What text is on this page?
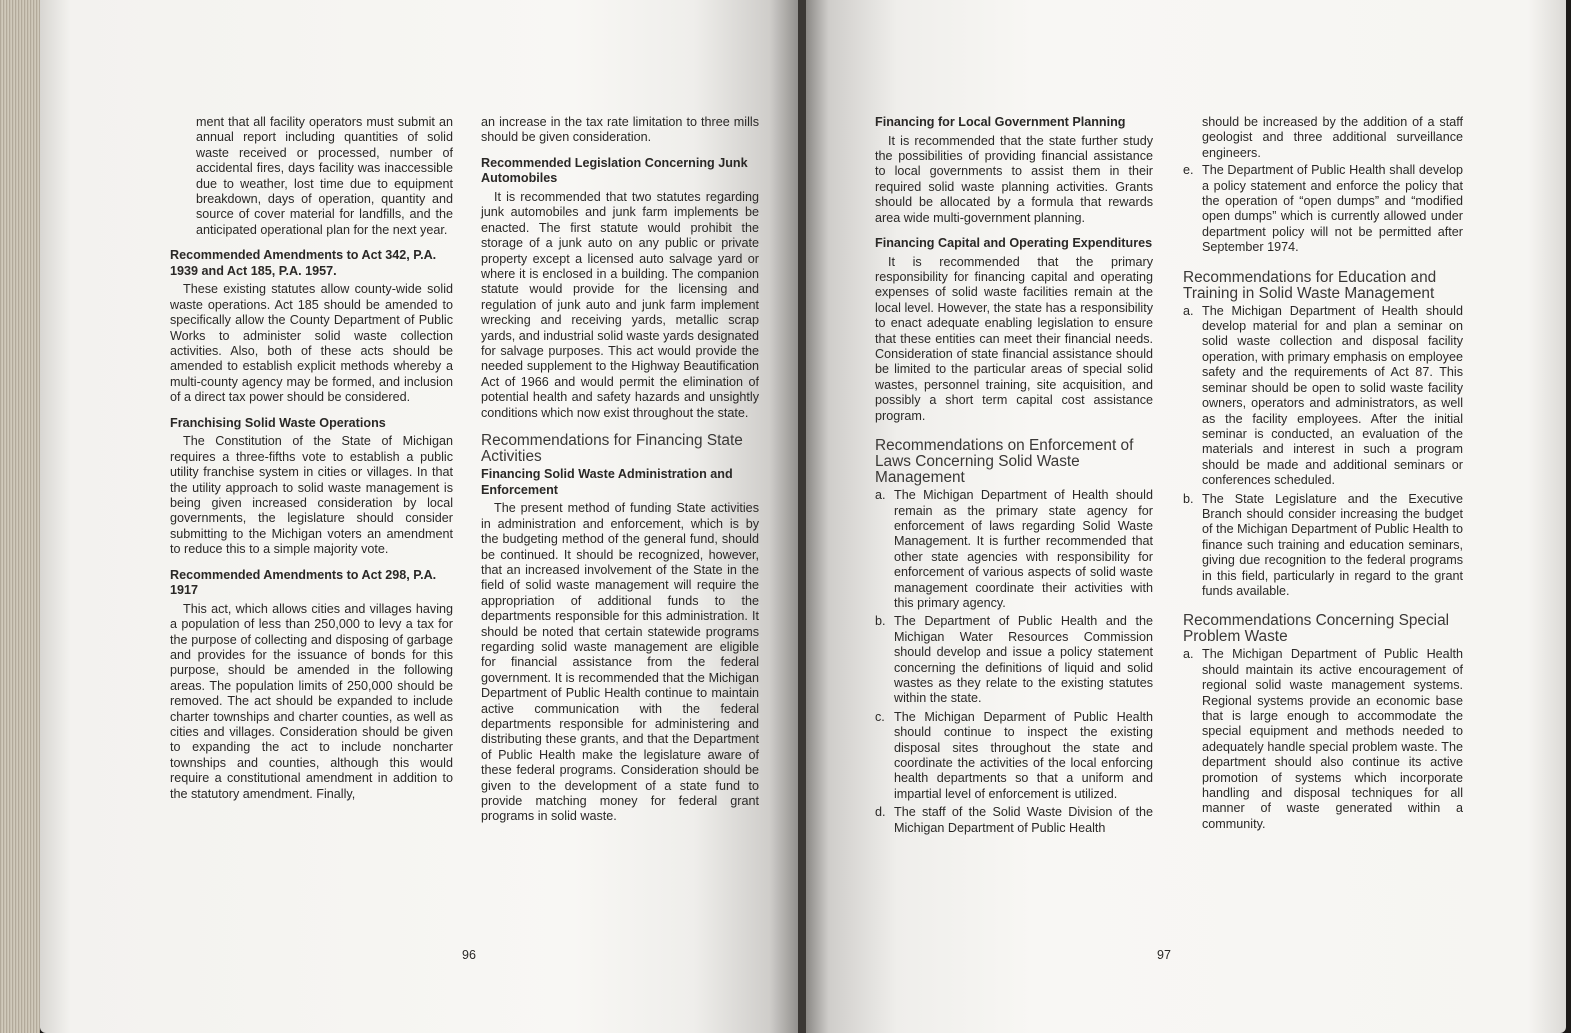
ment that all facility operators must submit an annual report including quantities of solid waste received or processed, number of accidental fires, days facility was inaccessible due to weather, lost time due to equipment breakdown, days of operation, quantity and source of cover material for landfills, and the anticipated operational plan for the next year.

Recommended Amendments to Act 342, P.A. 1939 and Act 185, P.A. 1957.

These existing statutes allow county-wide solid waste operations. Act 185 should be amended to specifically allow the County Department of Public Works to administer solid waste collection activities. Also, both of these acts should be amended to establish explicit methods whereby a multi-county agency may be formed, and inclusion of a direct tax power should be considered.

Franchising Solid Waste Operations

The Constitution of the State of Michigan requires a three-fifths vote to establish a public utility franchise system in cities or villages. In that the utility approach to solid waste management is being given increased consideration by local governments, the legislature should consider submitting to the Michigan voters an amendment to reduce this to a simple majority vote.

Recommended Amendments to Act 298, P.A. 1917

This act, which allows cities and villages having a population of less than 250,000 to levy a tax for the purpose of collecting and disposing of garbage and provides for the issuance of bonds for this purpose, should be amended in the following areas. The population limits of 250,000 should be removed. The act should be expanded to include charter townships and charter counties, as well as cities and villages. Consideration should be given to expanding the act to include noncharter townships and counties, although this would require a constitutional amendment in addition to the statutory amendment. Finally,

an increase in the tax rate limitation to three mills should be given consideration.

Recommended Legislation Concerning Junk Automobiles

It is recommended that two statutes regarding junk automobiles and junk farm implements be enacted. The first statute would prohibit the storage of a junk auto on any public or private property except a licensed auto salvage yard or where it is enclosed in a building. The companion statute would provide for the licensing and regulation of junk auto and junk farm implement wrecking and receiving yards, metallic scrap yards, and industrial solid waste yards designated for salvage purposes. This act would provide the needed supplement to the Highway Beautification Act of 1966 and would permit the elimination of potential health and safety hazards and unsightly conditions which now exist throughout the state.

Recommendations for Financing State Activities
Financing Solid Waste Administration and Enforcement

The present method of funding State activities in administration and enforcement, which is by the budgeting method of the general fund, should be continued. It should be recognized, however, that an increased involvement of the State in the field of solid waste management will require the appropriation of additional funds to the departments responsible for this administration. It should be noted that certain statewide programs regarding solid waste management are eligible for financial assistance from the federal government. It is recommended that the Michigan Department of Public Health continue to maintain active communication with the federal departments responsible for administering and distributing these grants, and that the Department of Public Health make the legislature aware of these federal programs. Consideration should be given to the development of a state fund to provide matching money for federal grant programs in solid waste.

96
Financing for Local Government Planning

It is recommended that the state further study the possibilities of providing financial assistance to local governments to assist them in their required solid waste planning activities. Grants should be allocated by a formula that rewards area wide multi-government planning.

Financing Capital and Operating Expenditures

It is recommended that the primary responsibility for financing capital and operating expenses of solid waste facilities remain at the local level. However, the state has a responsibility to enact adequate enabling legislation to ensure that these entities can meet their financial needs. Consideration of state financial assistance should be limited to the particular areas of special solid wastes, personnel training, site acquisition, and possibly a short term capital cost assistance program.

Recommendations on Enforcement of Laws Concerning Solid Waste Management
a. The Michigan Department of Health should remain as the primary state agency for enforcement of laws regarding Solid Waste Management. It is further recommended that other state agencies with responsibility for enforcement of various aspects of solid waste management coordinate their activities with this primary agency.
b. The Department of Public Health and the Michigan Water Resources Commission should develop and issue a policy statement concerning the definitions of liquid and solid wastes as they relate to the existing statutes within the state.
c. The Michigan Deparment of Public Health should continue to inspect the existing disposal sites throughout the state and coordinate the activities of the local enforcing health departments so that a uniform and impartial level of enforcement is utilized.
d. The staff of the Solid Waste Division of the Michigan Department of Public Health

should be increased by the addition of a staff geologist and three additional surveillance engineers.

e. The Department of Public Health shall develop a policy statement and enforce the policy that the operation of “open dumps” and “modified open dumps” which is currently allowed under department policy will not be permitted after September 1974.
Recommendations for Education and Training in Solid Waste Management
a. The Michigan Department of Health should develop material for and plan a seminar on solid waste collection and disposal facility operation, with primary emphasis on employee safety and the requirements of Act 87. This seminar should be open to solid waste facility owners, operators and administrators, as well as the facility employees. After the initial seminar is conducted, an evaluation of the materials and interest in such a program should be made and additional seminars or conferences scheduled.
b. The State Legislature and the Executive Branch should consider increasing the budget of the Michigan Department of Public Health to finance such training and education seminars, giving due recognition to the federal programs in this field, particularly in regard to the grant funds available.
Recommendations Concerning Special Problem Waste
a. The Michigan Department of Public Health should maintain its active encouragement of regional solid waste management systems. Regional systems provide an economic base that is large enough to accommodate the special equipment and methods needed to adequately handle special problem waste. The department should also continue its active promotion of systems which incorporate handling and disposal techniques for all manner of waste generated within a community.
97
